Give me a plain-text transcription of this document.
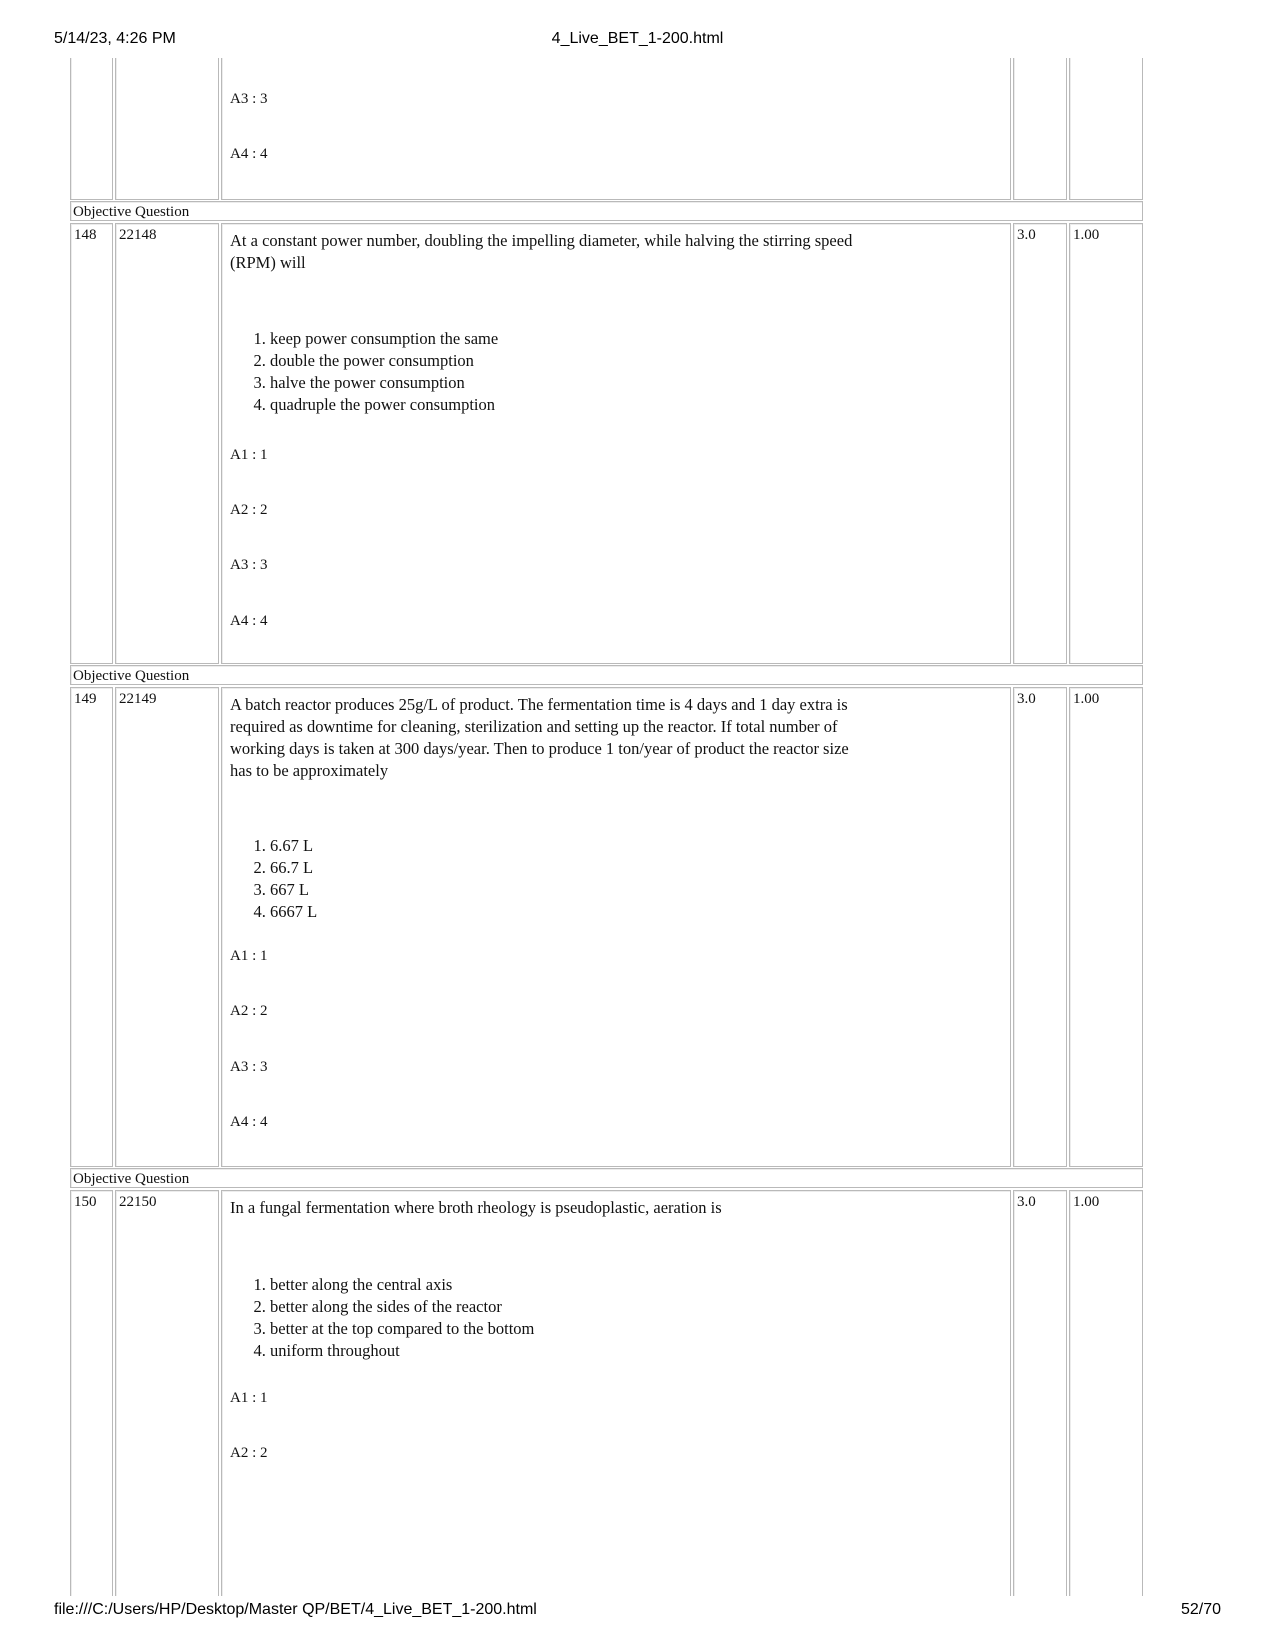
5/14/23, 4:26 PM	4_Live_BET_1-200.html
A3 : 3
A4 : 4
Objective Question
148	22148	At a constant power number, doubling the impelling diameter, while halving the stirring speed (RPM) will
1. keep power consumption the same
2. double the power consumption
3. halve the power consumption
4. quadruple the power consumption
A1 : 1
A2 : 2
A3 : 3
A4 : 4
3.0	1.00
Objective Question
149	22149	A batch reactor produces 25g/L of product. The fermentation time is 4 days and 1 day extra is required as downtime for cleaning, sterilization and setting up the reactor. If total number of working days is taken at 300 days/year. Then to produce 1 ton/year of product the reactor size has to be approximately
1. 6.67 L
2. 66.7 L
3. 667 L
4. 6667 L
A1 : 1
A2 : 2
A3 : 3
A4 : 4
3.0	1.00
Objective Question
150	22150	In a fungal fermentation where broth rheology is pseudoplastic, aeration is
1. better along the central axis
2. better along the sides of the reactor
3. better at the top compared to the bottom
4. uniform throughout
A1 : 1
A2 : 2
3.0	1.00
file:///C:/Users/HP/Desktop/Master QP/BET/4_Live_BET_1-200.html	52/70
